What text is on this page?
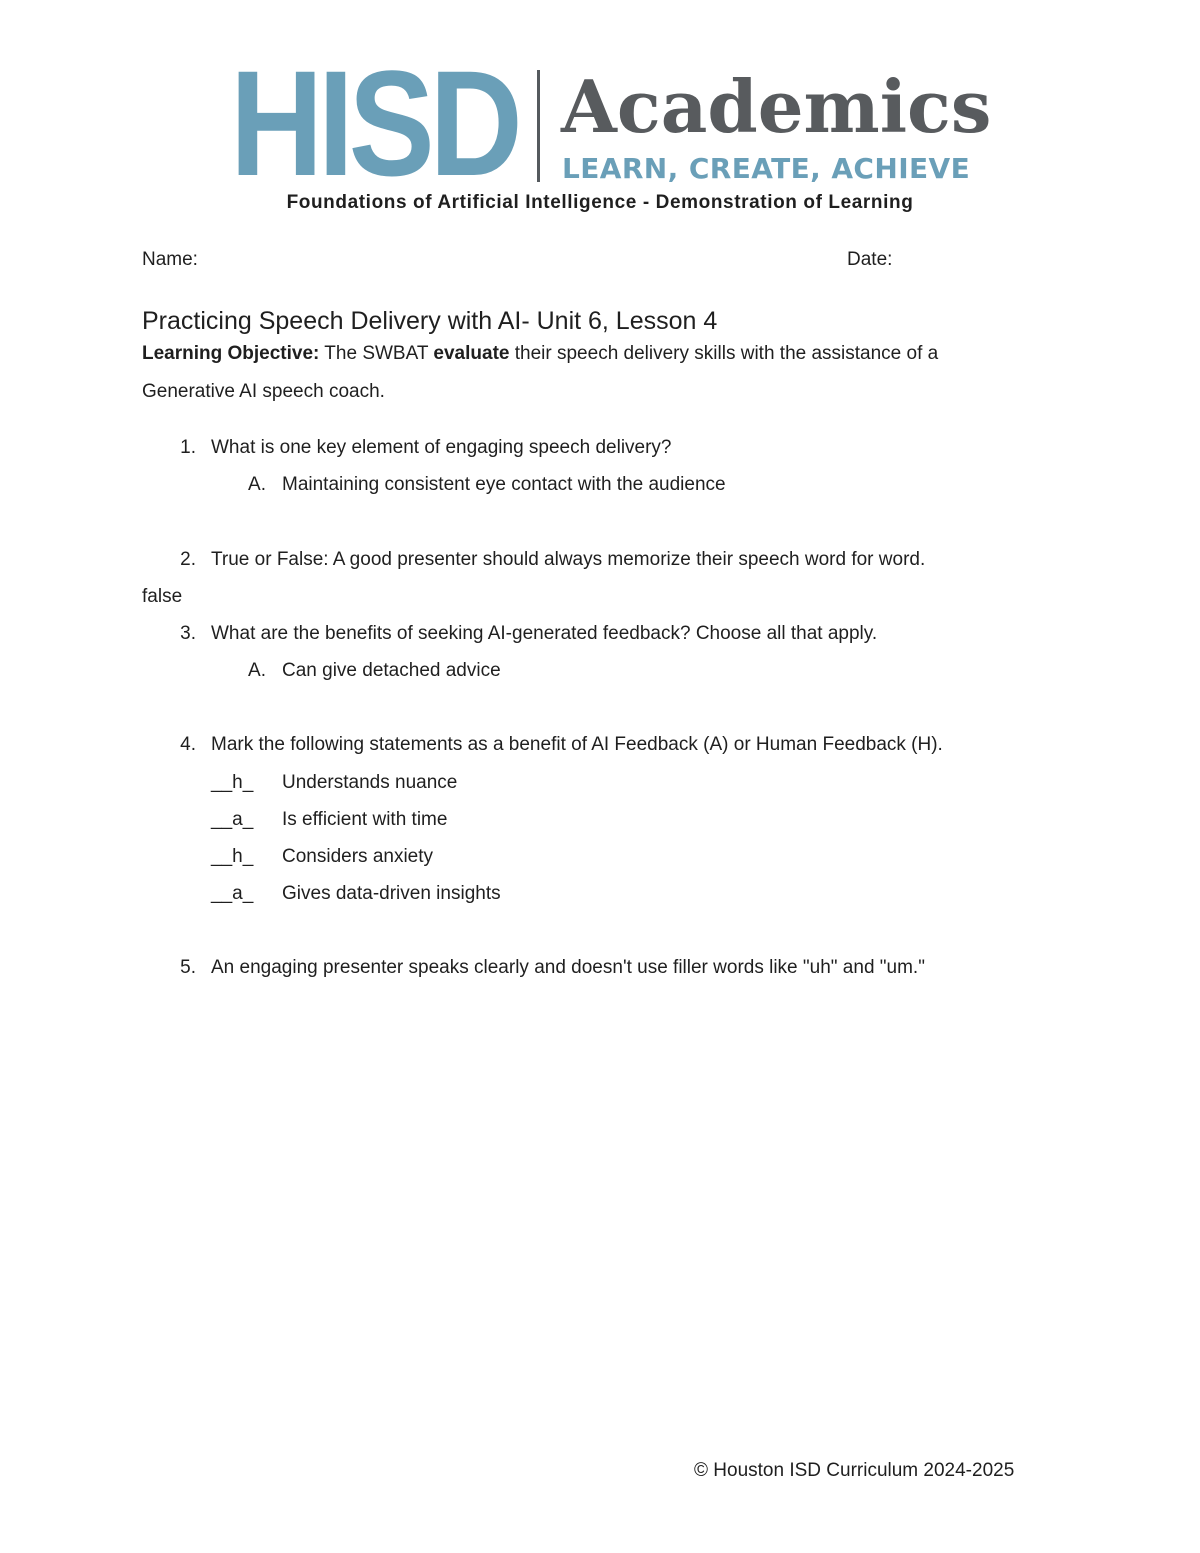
HISD Academics
LEARN, CREATE, ACHIEVE
Foundations of Artificial Intelligence - Demonstration of Learning
Name:	Date:
Practicing Speech Delivery with AI- Unit 6, Lesson 4
Learning Objective: The SWBAT evaluate their speech delivery skills with the assistance of a
Generative AI speech coach.
1. What is one key element of engaging speech delivery?
A. Maintaining consistent eye contact with the audience
2. True or False: A good presenter should always memorize their speech word for word.
false
3. What are the benefits of seeking AI-generated feedback? Choose all that apply.
A. Can give detached advice
4. Mark the following statements as a benefit of AI Feedback (A) or Human Feedback (H).
__h_ Understands nuance
__a_ Is efficient with time
__h_ Considers anxiety
__a_ Gives data-driven insights
5. An engaging presenter speaks clearly and doesn't use filler words like "uh" and "um."
© Houston ISD Curriculum 2024-2025
